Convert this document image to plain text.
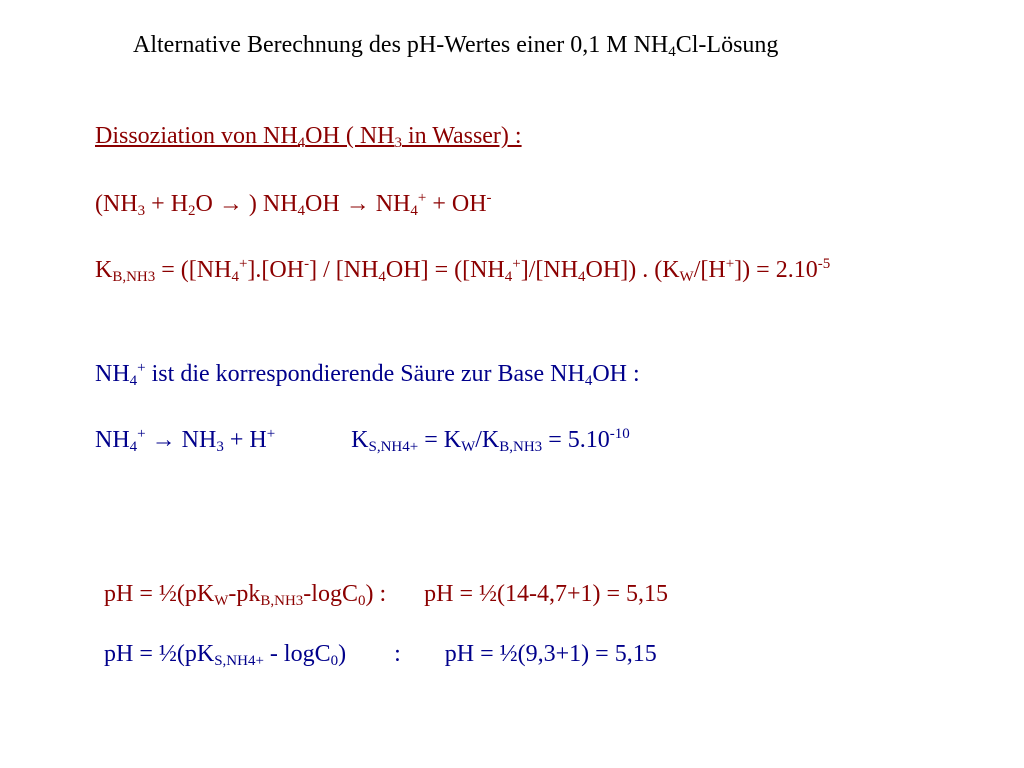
Alternative Berechnung des pH-Wertes einer 0,1 M $NH_4Cl$-Lösung
Dissoziation von $NH_4OH$ ( $NH_3$ in Wasser) :
($NH_3 + H_2O$ → ) $NH_4OH \to NH_4^+ + OH^-$
$K_{B,NH3} = ([NH_4^+].[OH^-] / [NH_4OH] = ([NH_4^+]/[NH_4OH])$ . $(K_W/[H^+]) = 2.10^{-5}$
$NH_4^+$ ist die korrespondierende Säure zur Base $NH_4OH$ :
$NH_4^+ \to NH_3 + H^+$	$K_{S,NH4+} = K_W/K_{B,NH3} = 5.10^{-10}$
pH = $\frac{1}{2}(pK_W-pk_{B,NH3}-\log C_0)$ : pH = ½(14-4,7+1) = 5,15
pH = $\frac{1}{2}(pK_{S,NH4+} - \log C_0)$ : pH = ½(9,3+1) = 5,15
